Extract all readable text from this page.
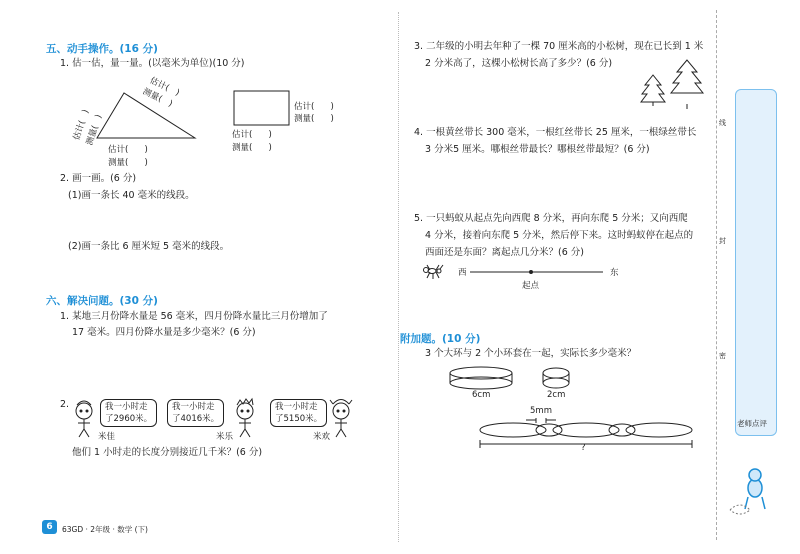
五、动手操作。(16 分)
1. 估一估，量一量。(以毫米为单位)(10 分)
估计(   )
测量(   )
估计( )
测量( )
估计( )
测量( )
估计( )
测量( )
估计( )
测量( )
2. 画一画。(6 分)
(1)画一条长 40 毫米的线段。
(2)画一条比 6 厘米短 5 毫米的线段。
六、解决问题。(30 分)
1. 某地三月份降水量是 56 毫米，四月份降水量比三月份增加了
17 毫米。四月份降水量是多少毫米？(6 分)
2.	我一小时走
了2960米。
我一小时走
了4016米。
我一小时走
了5150米。
米佳	米乐	米欢
他们 1 小时走的长度分别接近几千米？(6 分)
6	63GD · 2年级 · 数学 (下)
3. 二年级的小明去年种了一棵 70 厘米高的小松树，现在已长到 1 米
2 分米高了，这棵小松树长高了多少？(6 分)
4. 一根黄丝带长 300 毫米，一根红丝带长 25 厘米，一根绿丝带长
3 分米5 厘米。哪根丝带最长？哪根丝带最短？(6 分)
5. 一只蚂蚁从起点先向西爬 8 分米，再向东爬 5 分米；又向西爬
4 分米，接着向东爬 5 分米，然后停下来。这时蚂蚁停在起点的
西面还是东面？离起点几分米？(6 分)
西	东
起点
附加题。(10 分)
3 个大环与 2 个小环套在一起，实际长多少毫米？
6cm	2cm
5mm
?
线
封
密
老师点评
